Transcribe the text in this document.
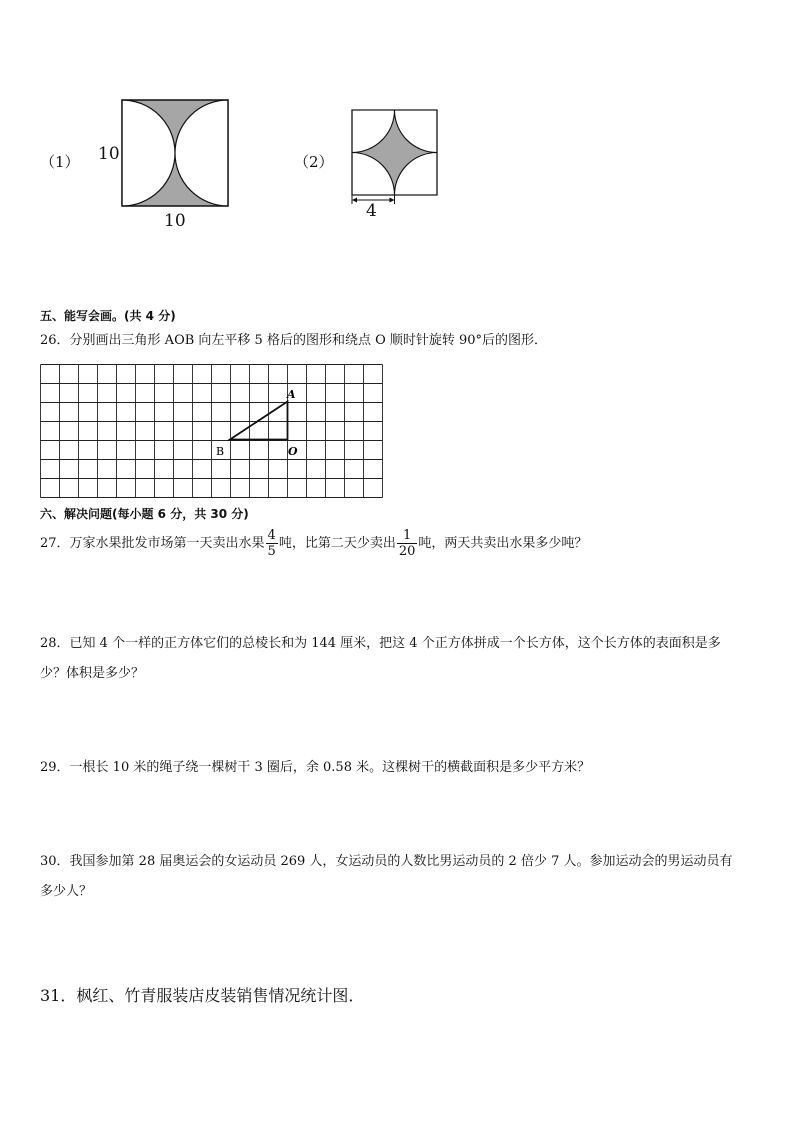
（1） 10
10
（2）
4
五、能写会画。(共 4 分)
26．分别画出三角形 AOB 向左平移 5 格后的图形和绕点 O 顺时针旋转 90°后的图形．
A
B	O
六、解决问题(每小题 6 分，共 30 分)
27．万家水果批发市场第一天卖出水果 $\frac{4}{5}$ 吨，比第二天少卖出 $\frac{1}{20}$ 吨，两天共卖出水果多少吨？
28．已知 4 个一样的正方体它们的总棱长和为 144 厘米，把这 4 个正方体拼成一个长方体，这个长方体的表面积是多
少？体积是多少？
29．一根长 10 米的绳子绕一棵树干 3 圈后，余 0.58 米。这棵树干的横截面积是多少平方米？
30．我国参加第 28 届奥运会的女运动员 269 人，女运动员的人数比男运动员的 2 倍少 7 人。参加运动会的男运动员有
多少人？
31．枫红、竹青服装店皮装销售情况统计图．
